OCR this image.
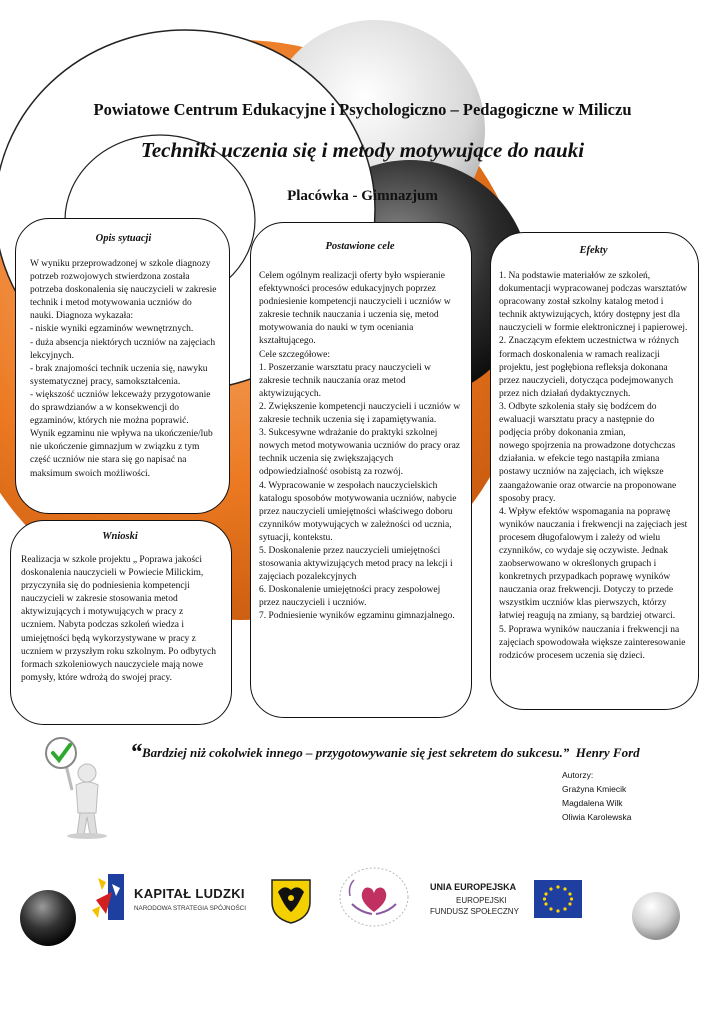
Powiatowe Centrum Edukacyjne i Psychologiczno – Pedagogiczne w Miliczu
Techniki uczenia się i metody motywujące do nauki
Placówka - Gimnazjum
Opis sytuacji
W wyniku przeprowadzonej w szkole diagnozy potrzeb rozwojowych stwierdzona została potrzeba doskonalenia się nauczycieli w zakresie technik i metod motywowania uczniów do nauki. Diagnoza wykazała:
- niskie wyniki egzaminów wewnętrznych.
- duża absencja niektórych uczniów na zajęciach lekcyjnych.
- brak znajomości technik uczenia się, nawyku systematycznej pracy, samokształcenia.
- większość uczniów lekceważy przygotowanie do sprawdzianów a w konsekwencji do egzaminów, których nie można poprawić.
Wynik egzaminu nie wpływa na ukończenie/lub nie ukończenie gimnazjum w związku z tym część uczniów nie stara się go napisać na maksimum swoich możliwości.
Wnioski
Realizacja w szkole projektu „ Poprawa jakości doskonalenia nauczycieli w Powiecie Milickim, przyczyniła się do podniesienia kompetencji nauczycieli w zakresie stosowania metod aktywizujących i motywujących w pracy z uczniem. Nabyta podczas szkoleń wiedza i umiejętności będą wykorzystywane w pracy z uczniem w przyszłym roku szkolnym. Po odbytych formach szkoleniowych nauczyciele mają nowe pomysły, które wdrożą do swojej pracy.
Postawione cele
Celem ogólnym realizacji oferty było wspieranie efektywności procesów edukacyjnych poprzez podniesienie kompetencji nauczycieli i uczniów w zakresie technik nauczania i uczenia się, metod motywowania do nauki w tym oceniania kształtującego.
Cele szczegółowe:
1. Poszerzanie warsztatu pracy nauczycieli w zakresie technik nauczania oraz metod aktywizujących.
2. Zwiększenie kompetencji nauczycieli i uczniów w zakresie technik uczenia się i zapamiętywania.
3. Sukcesywne wdrażanie do praktyki szkolnej nowych metod motywowania uczniów do pracy oraz technik uczenia się zwiększających odpowiedzialność osobistą za rozwój.
4. Wypracowanie w zespołach nauczycielskich katalogu sposobów motywowania uczniów, nabycie przez nauczycieli umiejętności właściwego doboru czynników motywujących w zależności od ucznia, sytuacji, kontekstu.
5. Doskonalenie przez nauczycieli umiejętności stosowania aktywizujących metod pracy na lekcji i zajęciach pozalekcyjnych
6. Doskonalenie umiejętności pracy zespołowej przez nauczycieli i uczniów.
7. Podniesienie wyników egzaminu gimnazjalnego.
Efekty
1. Na podstawie materiałów ze szkoleń, dokumentacji wypracowanej podczas warsztatów opracowany został szkolny katalog metod i technik aktywizujących, który dostępny jest dla nauczycieli w formie elektronicznej i papierowej.
2. Znaczącym efektem uczestnictwa w różnych formach doskonalenia w ramach realizacji projektu, jest pogłębiona refleksja dokonana przez nauczycieli, dotycząca podejmowanych przez nich działań dydaktycznych.
3. Odbyte szkolenia stały się bodźcem do ewaluacji warsztatu pracy a następnie do podjęcia próby dokonania zmian,
nowego spojrzenia na prowadzone dotychczas działania. w efekcie tego nastąpiła zmiana postawy uczniów na zajęciach, ich większe zaangażowanie oraz otwarcie na proponowane sposoby pracy.
4. Wpływ efektów wspomagania na poprawę wyników nauczania i frekwencji na zajęciach jest procesem długofalowym i zależy od wielu czynników, co wydaje się oczywiste. Jednak zaobserwowano w określonych grupach i konkretnych przypadkach poprawę wyników nauczania oraz frekwencji. Dotyczy to przede wszystkim uczniów klas pierwszych, którzy łatwiej reagują na zmiany, są bardziej otwarci.
5. Poprawa wyników nauczania i frekwencji na zajęciach spowodowała większe zainteresowanie rodziców procesem uczenia się dzieci.
“Bardziej niż cokolwiek innego – przygotowywanie się jest sekretem do sukcesu.” Henry Ford
Autorzy:
Grażyna Kmiecik
Magdalena Wilk
Oliwia Karolewska
KAPITAŁ LUDZKI
NARODOWA STRATEGIA SPÓJNOŚCI
UNIA EUROPEJSKA
EUROPEJSKI
FUNDUSZ SPOŁECZNY
